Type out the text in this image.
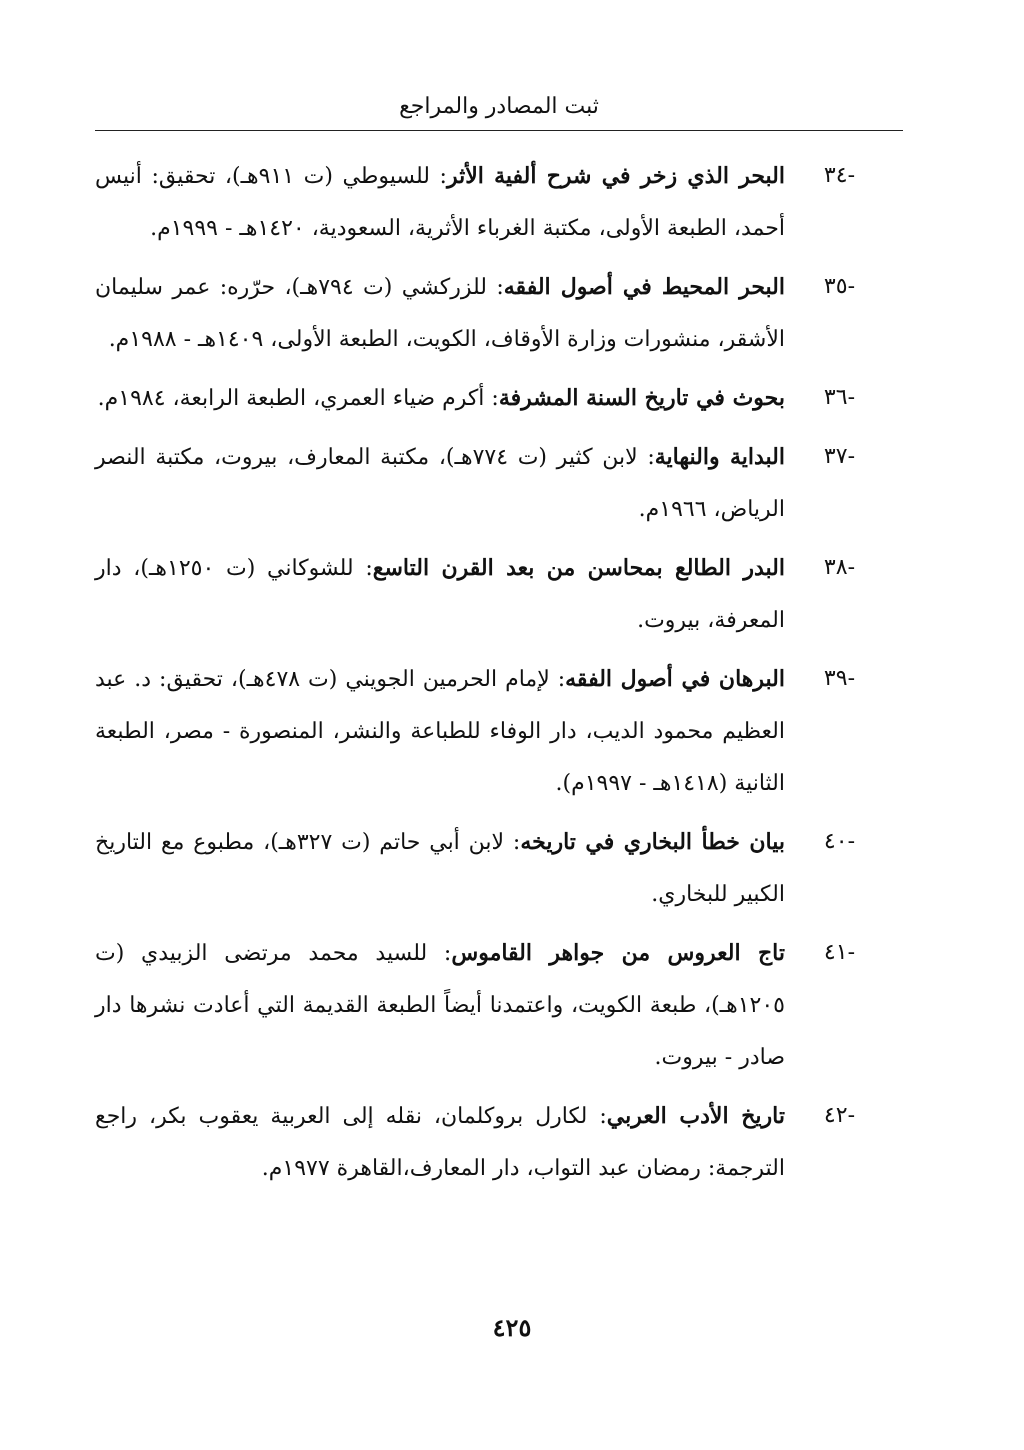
ثبت المصادر والمراجع
-٣٤
البحر الذي زخر في شرح ألفية الأثر: للسيوطي (ت ٩١١هـ)، تحقيق: أنيس أحمد، الطبعة الأولى، مكتبة الغرباء الأثرية، السعودية، ١٤٢٠هـ - ١٩٩٩م.
-٣٥
البحر المحيط في أصول الفقه: للزركشي (ت ٧٩٤هـ)، حرّره: عمر سليمان الأشقر، منشورات وزارة الأوقاف، الكويت، الطبعة الأولى، ١٤٠٩هـ - ١٩٨٨م.
-٣٦
بحوث في تاريخ السنة المشرفة: أكرم ضياء العمري، الطبعة الرابعة، ١٩٨٤م.
-٣٧
البداية والنهاية: لابن كثير (ت ٧٧٤هـ)، مكتبة المعارف، بيروت، مكتبة النصر الرياض، ١٩٦٦م.
-٣٨
البدر الطالع بمحاسن من بعد القرن التاسع: للشوكاني (ت ١٢٥٠هـ)، دار المعرفة، بيروت.
-٣٩
البرهان في أصول الفقه: لإمام الحرمين الجويني (ت ٤٧٨هـ)، تحقيق: د. عبد العظيم محمود الديب، دار الوفاء للطباعة والنشر، المنصورة - مصر، الطبعة الثانية (١٤١٨هـ - ١٩٩٧م).
-٤٠
بيان خطأ البخاري في تاريخه: لابن أبي حاتم (ت ٣٢٧هـ)، مطبوع مع التاريخ الكبير للبخاري.
-٤١
تاج العروس من جواهر القاموس: للسيد محمد مرتضى الزبيدي (ت ١٢٠٥هـ)، طبعة الكويت، واعتمدنا أيضاً الطبعة القديمة التي أعادت نشرها دار صادر - بيروت.
-٤٢
تاريخ الأدب العربي: لكارل بروكلمان، نقله إلى العربية يعقوب بكر، راجع الترجمة: رمضان عبد التواب، دار المعارف،القاهرة ١٩٧٧م.
٤٢٥
